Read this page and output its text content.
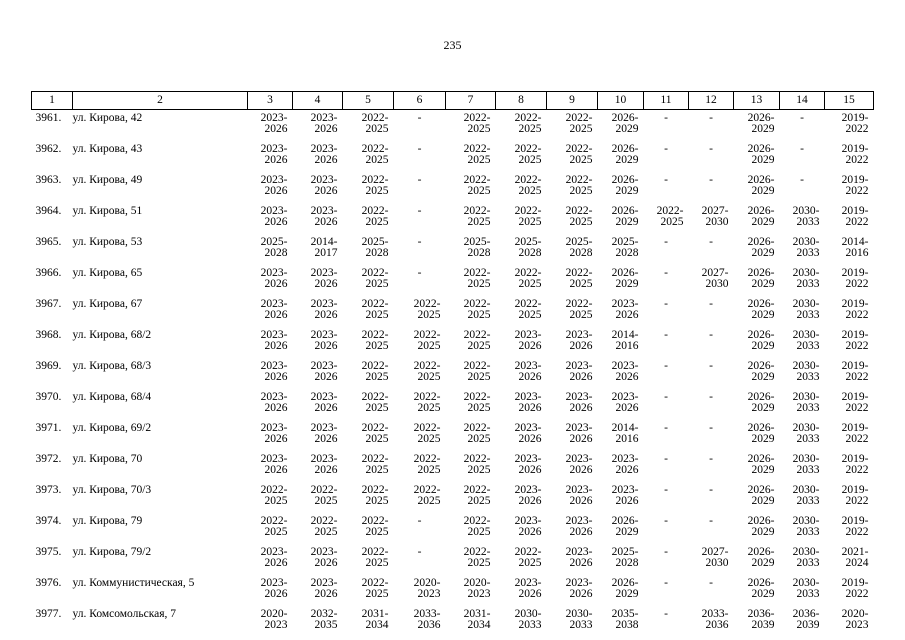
235
1	2	3	4	5	6	7	8	9	10	11	12	13	14	15
3961.	ул. Кирова, 42	2023-
2026	2023-
2026	2022-
2025	-	2022-
2025	2022-
2025	2022-
2025	2026-
2029	-	-	2026-
2029	-	2019-
2022
3962.	ул. Кирова, 43	2023-
2026	2023-
2026	2022-
2025	-	2022-
2025	2022-
2025	2022-
2025	2026-
2029	-	-	2026-
2029	-	2019-
2022
3963.	ул. Кирова, 49	2023-
2026	2023-
2026	2022-
2025	-	2022-
2025	2022-
2025	2022-
2025	2026-
2029	-	-	2026-
2029	-	2019-
2022
3964.	ул. Кирова, 51	2023-
2026	2023-
2026	2022-
2025	-	2022-
2025	2022-
2025	2022-
2025	2026-
2029	2022-
2025	2027-
2030	2026-
2029	2030-
2033	2019-
2022
3965.	ул. Кирова, 53	2025-
2028	2014-
2017	2025-
2028	-	2025-
2028	2025-
2028	2025-
2028	2025-
2028	-	-	2026-
2029	2030-
2033	2014-
2016
3966.	ул. Кирова, 65	2023-
2026	2023-
2026	2022-
2025	-	2022-
2025	2022-
2025	2022-
2025	2026-
2029	-	2027-
2030	2026-
2029	2030-
2033	2019-
2022
3967.	ул. Кирова, 67	2023-
2026	2023-
2026	2022-
2025	2022-
2025	2022-
2025	2022-
2025	2022-
2025	2023-
2026	-	-	2026-
2029	2030-
2033	2019-
2022
3968.	ул. Кирова, 68/2	2023-
2026	2023-
2026	2022-
2025	2022-
2025	2022-
2025	2023-
2026	2023-
2026	2014-
2016	-	-	2026-
2029	2030-
2033	2019-
2022
3969.	ул. Кирова, 68/3	2023-
2026	2023-
2026	2022-
2025	2022-
2025	2022-
2025	2023-
2026	2023-
2026	2023-
2026	-	-	2026-
2029	2030-
2033	2019-
2022
3970.	ул. Кирова, 68/4	2023-
2026	2023-
2026	2022-
2025	2022-
2025	2022-
2025	2023-
2026	2023-
2026	2023-
2026	-	-	2026-
2029	2030-
2033	2019-
2022
3971.	ул. Кирова, 69/2	2023-
2026	2023-
2026	2022-
2025	2022-
2025	2022-
2025	2023-
2026	2023-
2026	2014-
2016	-	-	2026-
2029	2030-
2033	2019-
2022
3972.	ул. Кирова, 70	2023-
2026	2023-
2026	2022-
2025	2022-
2025	2022-
2025	2023-
2026	2023-
2026	2023-
2026	-	-	2026-
2029	2030-
2033	2019-
2022
3973.	ул. Кирова, 70/3	2022-
2025	2022-
2025	2022-
2025	2022-
2025	2022-
2025	2023-
2026	2023-
2026	2023-
2026	-	-	2026-
2029	2030-
2033	2019-
2022
3974.	ул. Кирова, 79	2022-
2025	2022-
2025	2022-
2025	-	2022-
2025	2023-
2026	2023-
2026	2026-
2029	-	-	2026-
2029	2030-
2033	2019-
2022
3975.	ул. Кирова, 79/2	2023-
2026	2023-
2026	2022-
2025	-	2022-
2025	2022-
2025	2023-
2026	2025-
2028	-	2027-
2030	2026-
2029	2030-
2033	2021-
2024
3976.	ул. Коммунистическая, 5	2023-
2026	2023-
2026	2022-
2025	2020-
2023	2020-
2023	2023-
2026	2023-
2026	2026-
2029	-	-	2026-
2029	2030-
2033	2019-
2022
3977.	ул. Комсомольская, 7	2020-
2023	2032-
2035	2031-
2034	2033-
2036	2031-
2034	2030-
2033	2030-
2033	2035-
2038	-	2033-
2036	2036-
2039	2036-
2039	2020-
2023
